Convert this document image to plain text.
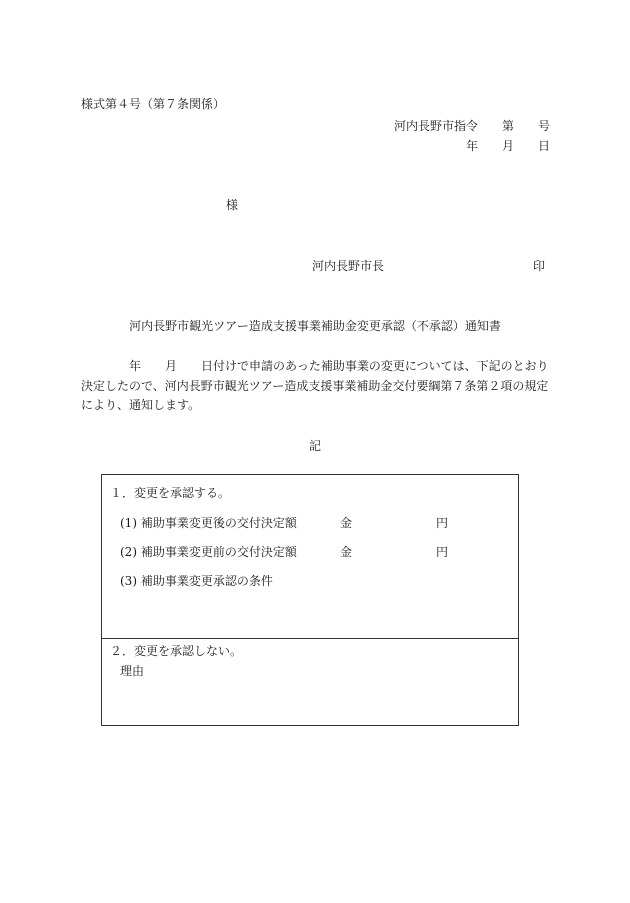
様式第４号（第７条関係）
河内長野市指令　　第　　号
年　　月　　日
様
河内長野市長	印
河内長野市観光ツアー造成支援事業補助金変更承認（不承認）通知書
　　　　年　　月　　日付けで申請のあった補助事業の変更については、下記のとおり
決定したので、河内長野市観光ツアー造成支援事業補助金交付要綱第７条第２項の規定
により、通知します。
記
１．変更を承認する。
(1) 補助事業変更後の交付決定額	金	円
(2) 補助事業変更前の交付決定額	金	円
(3) 補助事業変更承認の条件
２．変更を承認しない。
理由
